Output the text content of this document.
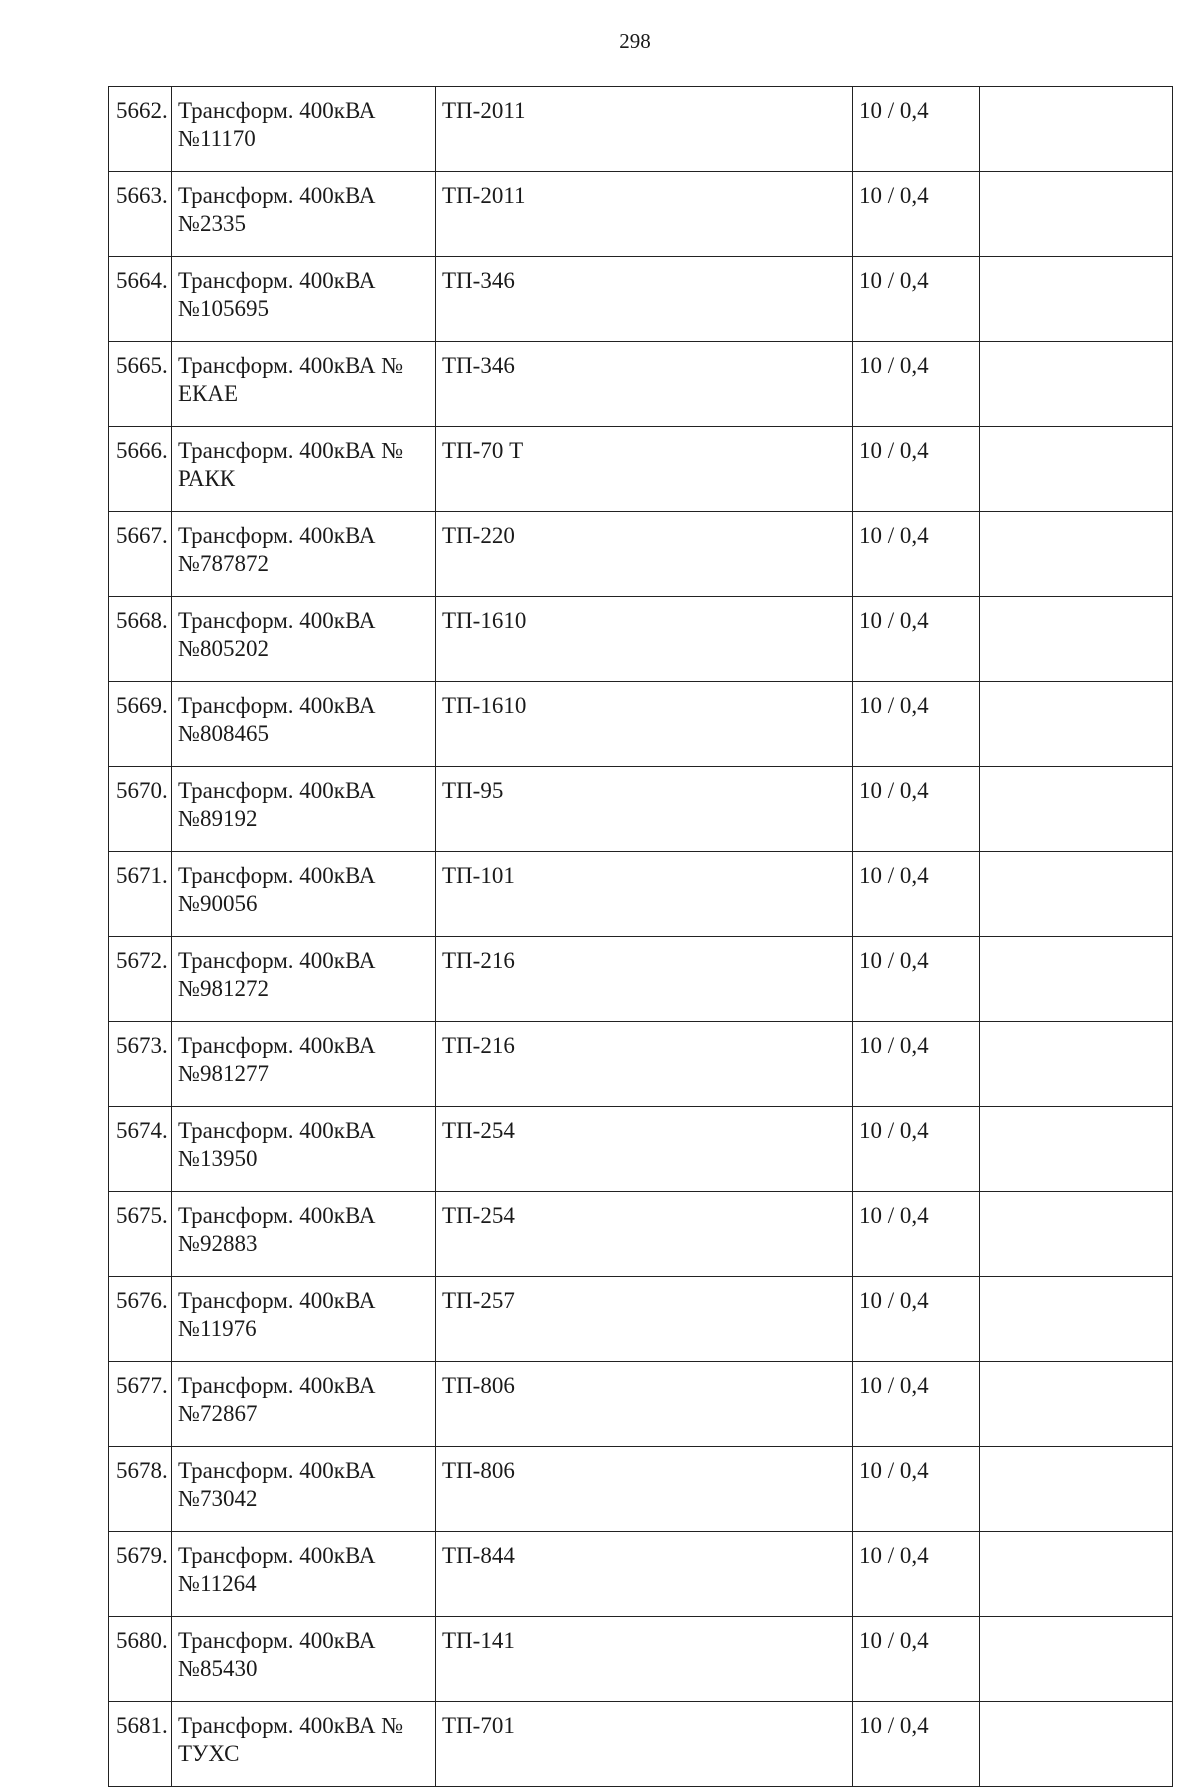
298
5662.	Трансформ. 400кВА №11170	ТП-2011	10 / 0,4	
5663.	Трансформ. 400кВА №2335	ТП-2011	10 / 0,4	
5664.	Трансформ. 400кВА №105695	ТП-346	10 / 0,4	
5665.	Трансформ. 400кВА № ЕКАЕ	ТП-346	10 / 0,4	
5666.	Трансформ. 400кВА № РАКК	ТП-70 Т	10 / 0,4	
5667.	Трансформ. 400кВА №787872	ТП-220	10 / 0,4	
5668.	Трансформ. 400кВА №805202	ТП-1610	10 / 0,4	
5669.	Трансформ. 400кВА №808465	ТП-1610	10 / 0,4	
5670.	Трансформ. 400кВА №89192	ТП-95	10 / 0,4	
5671.	Трансформ. 400кВА №90056	ТП-101	10 / 0,4	
5672.	Трансформ. 400кВА №981272	ТП-216	10 / 0,4	
5673.	Трансформ. 400кВА №981277	ТП-216	10 / 0,4	
5674.	Трансформ. 400кВА №13950	ТП-254	10 / 0,4	
5675.	Трансформ. 400кВА №92883	ТП-254	10 / 0,4	
5676.	Трансформ. 400кВА №11976	ТП-257	10 / 0,4	
5677.	Трансформ. 400кВА №72867	ТП-806	10 / 0,4	
5678.	Трансформ. 400кВА №73042	ТП-806	10 / 0,4	
5679.	Трансформ. 400кВА №11264	ТП-844	10 / 0,4	
5680.	Трансформ. 400кВА №85430	ТП-141	10 / 0,4	
5681.	Трансформ. 400кВА № ТУХС	ТП-701	10 / 0,4	
